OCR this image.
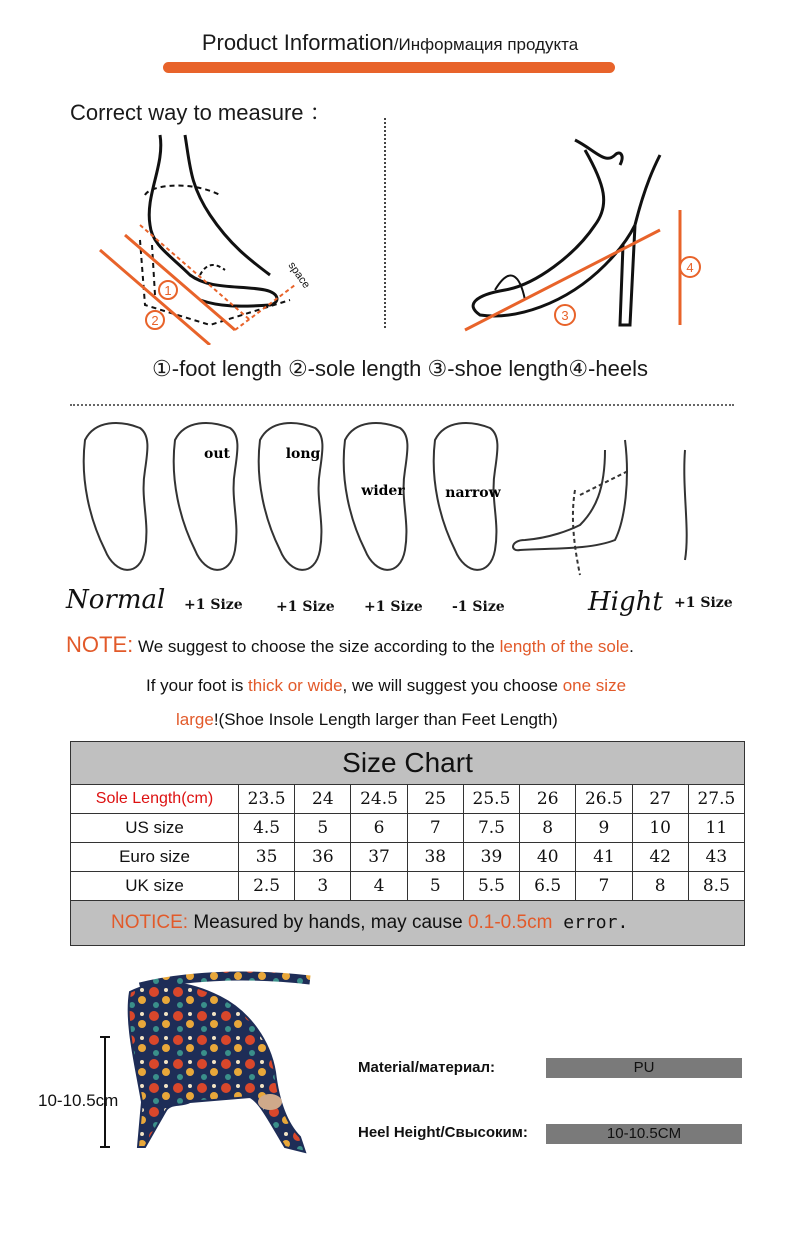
Product Information/Информация продукта
Correct way to measure ：
1
2
space
3
4
①-foot length ②-sole length ③-shoe length④-heels
out	long
wider	narrow
Normal +1 Size +1 Size +1 Size -1 Size	Hight +1 Size
NOTE: We suggest to choose the size according to the length of the sole.
If your foot is thick or wide, we will suggest you choose one size
large!(Shoe Insole Length larger than Feet Length)
Size Chart									
Sole Length(cm)	23.5	24	24.5	25	25.5	26	26.5	27	27.5
US size	4.5	5	6	7	7.5	8	9	10	11
Euro size	35	36	37	38	39	40	41	42	43
UK size	2.5	3	4	5	5.5	6.5	7	8	8.5
NOTICE: Measured by hands, may cause 0.1-0.5cm error.									
10-10.5cm
Material/материал:	PU
Heel Height/Свысоким:	10-10.5CM
